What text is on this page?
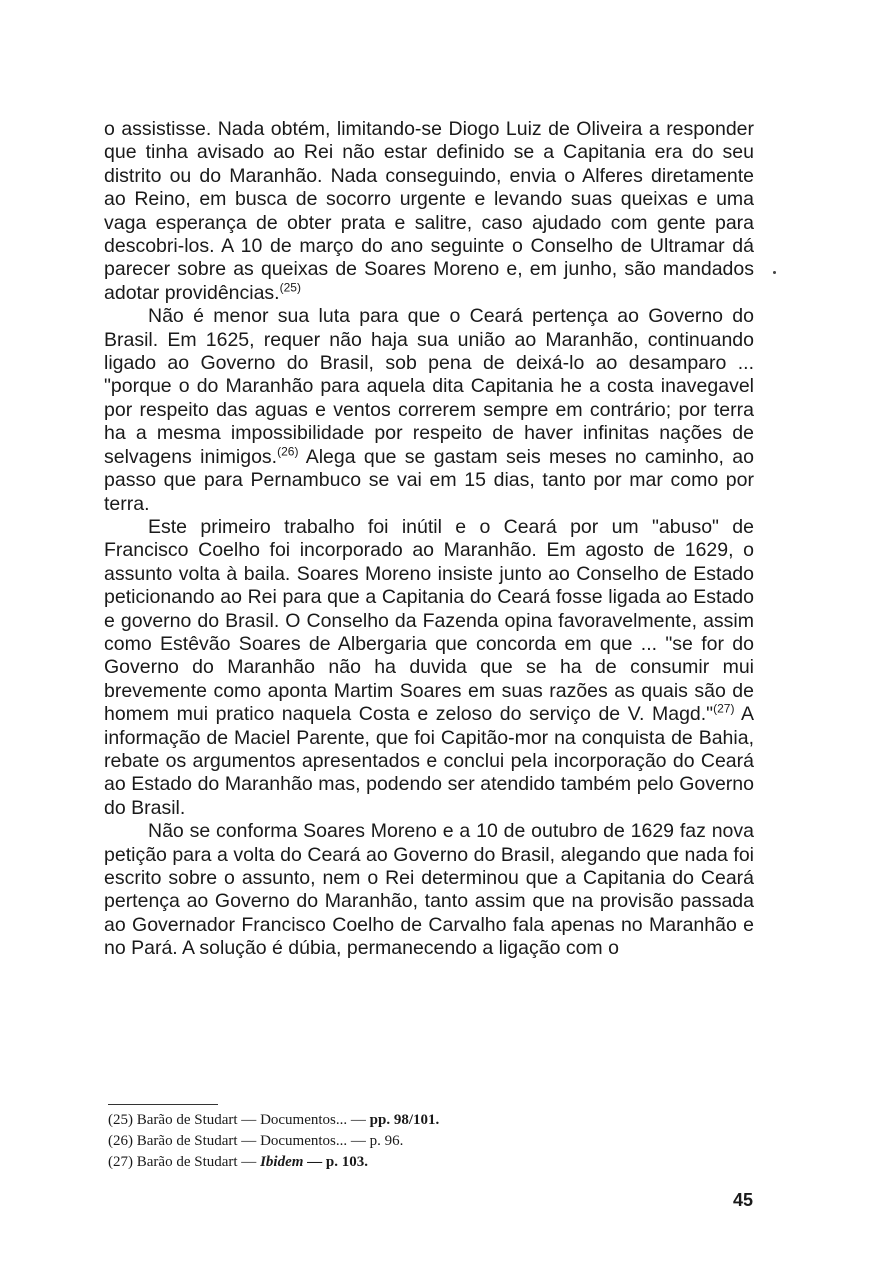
o assistisse. Nada obtém, limitando-se Diogo Luiz de Oliveira a responder que tinha avisado ao Rei não estar definido se a Capitania era do seu distrito ou do Maranhão. Nada conseguindo, envia o Alferes diretamente ao Reino, em busca de socorro urgente e levando suas queixas e uma vaga esperança de obter prata e salitre, caso ajudado com gente para descobri-los. A 10 de março do ano seguinte o Conselho de Ultramar dá parecer sobre as queixas de Soares Moreno e, em junho, são mandados adotar providências.$^{(25)}$

Não é menor sua luta para que o Ceará pertença ao Governo do Brasil. Em 1625, requer não haja sua união ao Maranhão, continuando ligado ao Governo do Brasil, sob pena de deixá-lo ao desamparo ... "porque o do Maranhão para aquela dita Capitania he a costa inavegavel por respeito das aguas e ventos correrem sempre em contrário; por terra ha a mesma impossibilidade por respeito de haver infinitas nações de selvagens inimigos.$^{(26)}$ Alega que se gastam seis meses no caminho, ao passo que para Pernambuco se vai em 15 dias, tanto por mar como por terra.

Este primeiro trabalho foi inútil e o Ceará por um "abuso" de Francisco Coelho foi incorporado ao Maranhão. Em agosto de 1629, o assunto volta à baila. Soares Moreno insiste junto ao Conselho de Estado peticionando ao Rei para que a Capitania do Ceará fosse ligada ao Estado e governo do Brasil. O Conselho da Fazenda opina favoravelmente, assim como Estêvão Soares de Albergaria que concorda em que ... "se for do Governo do Maranhão não ha duvida que se ha de consumir mui brevemente como aponta Martim Soares em suas razões as quais são de homem mui pratico naquela Costa e zeloso do serviço de V. Magd."$^{(27)}$ A informação de Maciel Parente, que foi Capitão-mor na conquista de Bahia, rebate os argumentos apresentados e conclui pela incorporação do Ceará ao Estado do Maranhão mas, podendo ser atendido também pelo Governo do Brasil.

Não se conforma Soares Moreno e a 10 de outubro de 1629 faz nova petição para a volta do Ceará ao Governo do Brasil, alegando que nada foi escrito sobre o assunto, nem o Rei determinou que a Capitania do Ceará pertença ao Governo do Maranhão, tanto assim que na provisão passada ao Governador Francisco Coelho de Carvalho fala apenas no Maranhão e no Pará. A solução é dúbia, permanecendo a ligação com o

(25) Barão de Studart — Documentos... — pp. 98/101.

(26) Barão de Studart — Documentos... — p. 96.

(27) Barão de Studart — Ibidem — p. 103.

45
